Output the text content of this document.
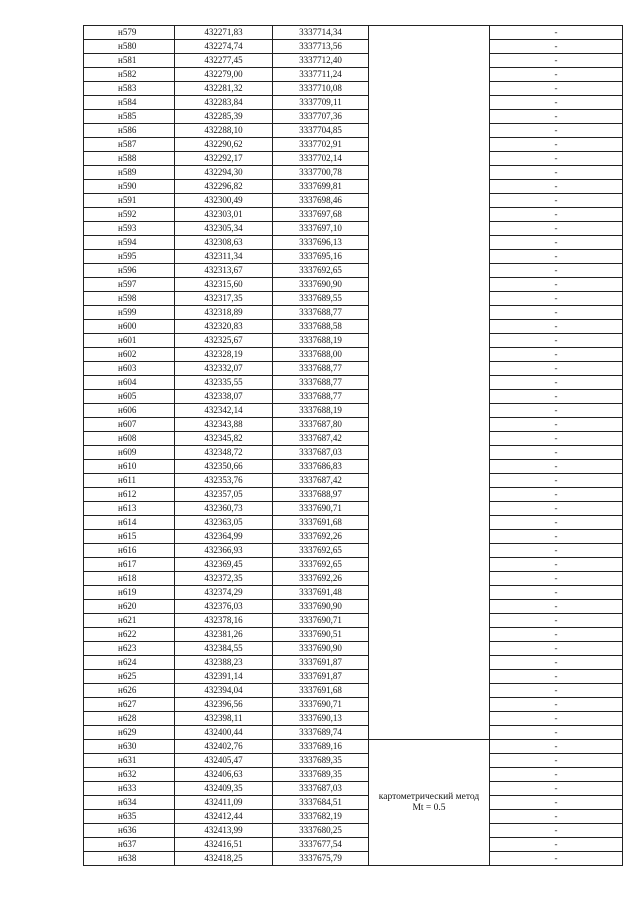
н579	432271,83	3337714,34		-
н580	432274,74	3337713,56		-
н581	432277,45	3337712,40		-
н582	432279,00	3337711,24		-
н583	432281,32	3337710,08		-
н584	432283,84	3337709,11		-
н585	432285,39	3337707,36		-
н586	432288,10	3337704,85		-
н587	432290,62	3337702,91		-
н588	432292,17	3337702,14		-
н589	432294,30	3337700,78		-
н590	432296,82	3337699,81		-
н591	432300,49	3337698,46		-
н592	432303,01	3337697,68		-
н593	432305,34	3337697,10		-
н594	432308,63	3337696,13		-
н595	432311,34	3337695,16		-
н596	432313,67	3337692,65		-
н597	432315,60	3337690,90		-
н598	432317,35	3337689,55		-
н599	432318,89	3337688,77		-
н600	432320,83	3337688,58		-
н601	432325,67	3337688,19		-
н602	432328,19	3337688,00		-
н603	432332,07	3337688,77		-
н604	432335,55	3337688,77		-
н605	432338,07	3337688,77		-
н606	432342,14	3337688,19		-
н607	432343,88	3337687,80		-
н608	432345,82	3337687,42		-
н609	432348,72	3337687,03		-
н610	432350,66	3337686,83		-
н611	432353,76	3337687,42		-
н612	432357,05	3337688,97		-
н613	432360,73	3337690,71		-
н614	432363,05	3337691,68		-
н615	432364,99	3337692,26		-
н616	432366,93	3337692,65		-
н617	432369,45	3337692,65		-
н618	432372,35	3337692,26		-
н619	432374,29	3337691,48		-
н620	432376,03	3337690,90		-
н621	432378,16	3337690,71		-
н622	432381,26	3337690,51		-
н623	432384,55	3337690,90		-
н624	432388,23	3337691,87		-
н625	432391,14	3337691,87		-
н626	432394,04	3337691,68		-
н627	432396,56	3337690,71		-
н628	432398,11	3337690,13		-
н629	432400,44	3337689,74		-
н630	432402,76	3337689,16	картометрический метод Mt = 0.5	-
н631	432405,47	3337689,35		-
н632	432406,63	3337689,35		-
н633	432409,35	3337687,03		-
н634	432411,09	3337684,51		-
н635	432412,44	3337682,19		-
н636	432413,99	3337680,25		-
н637	432416,51	3337677,54		-
н638	432418,25	3337675,79		-
